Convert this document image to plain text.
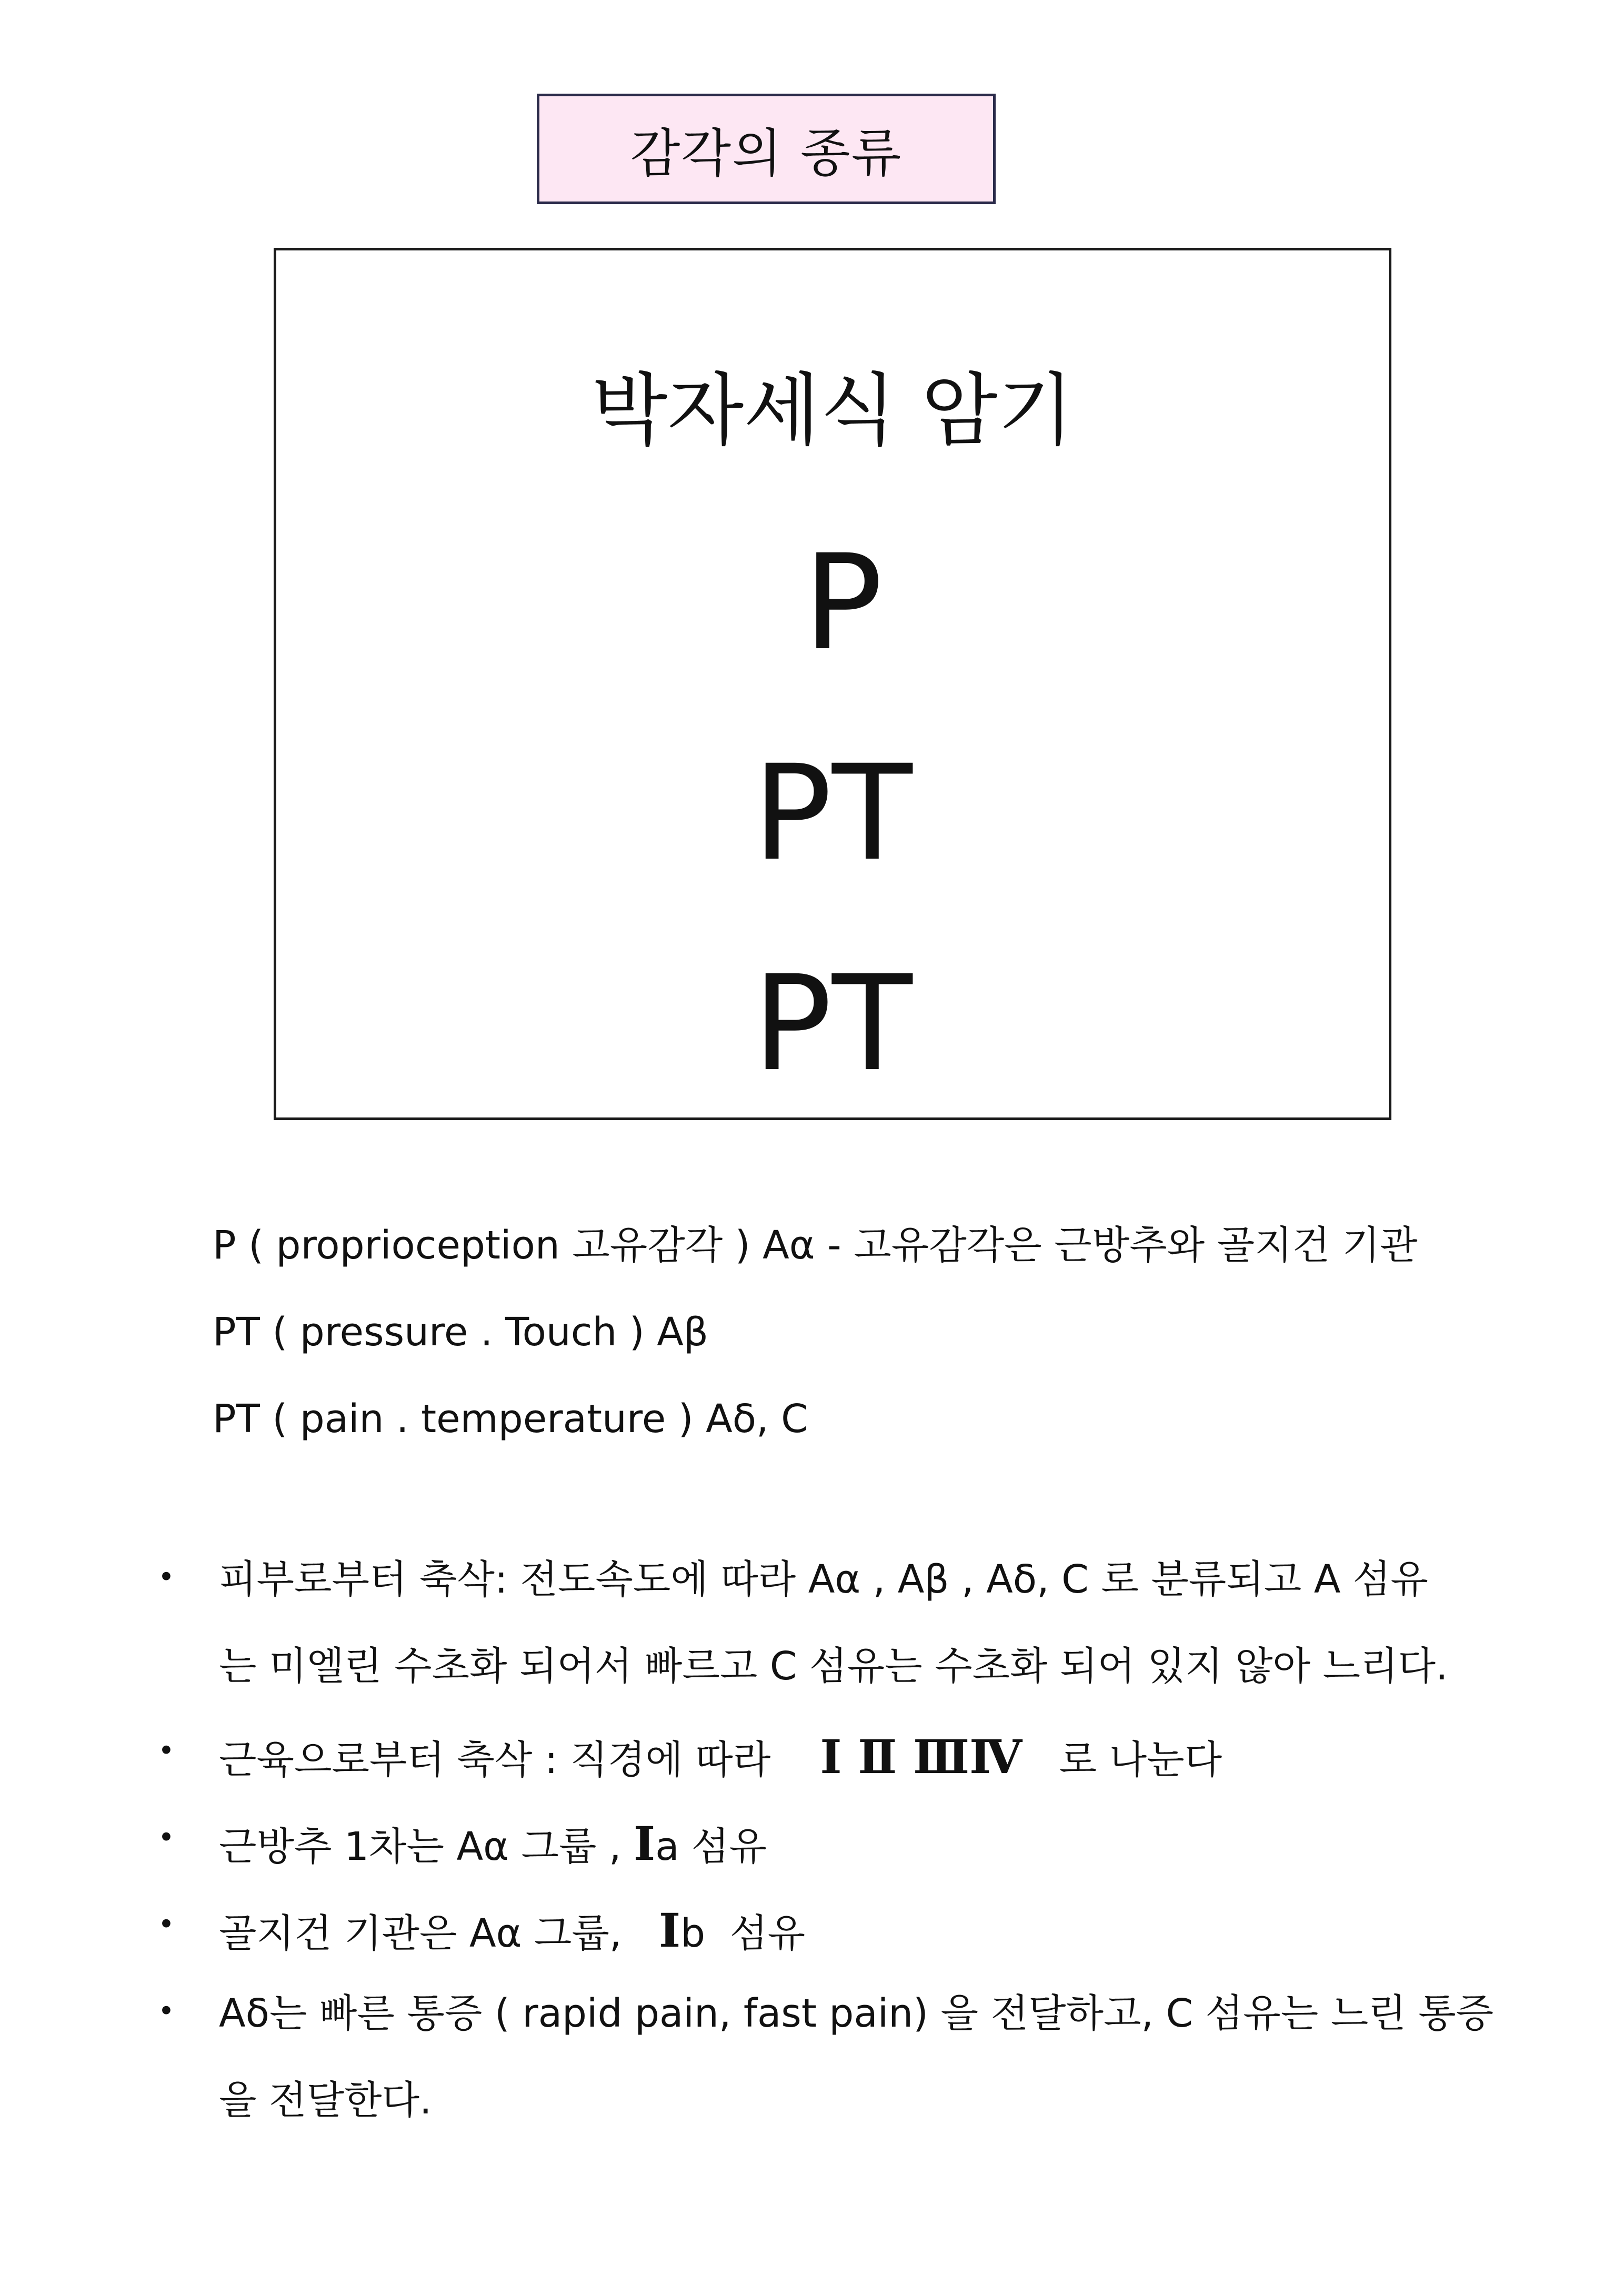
감각의 종류
박자세식 암기
P
PT
PT
P ( proprioception 고유감각 ) Aα - 고유감각은 근방추와 골지건 기관
PT ( pressure . Touch ) Aβ
PT ( pain . temperature ) Aδ, C
• 피부로부터 축삭: 전도속도에 따라 Aα , Aβ , Aδ, C 로 분류되고 A 섬유
는 미엘린 수초화 되어서 빠르고 C 섬유는 수초화 되어 있지 않아 느리다.
• 근육으로부터 축삭 : 직경에 따라    Ⅰ Ⅱ ⅢⅣ   로 나눈다
• 근방추 1차는 Aα 그룹 , Ⅰa 섬유
• 골지건 기관은 Aα 그룹,   Ⅰb  섬유
• Aδ는 빠른 통증 ( rapid pain, fast pain) 을 전달하고, C 섬유는 느린 통증
을 전달한다.
